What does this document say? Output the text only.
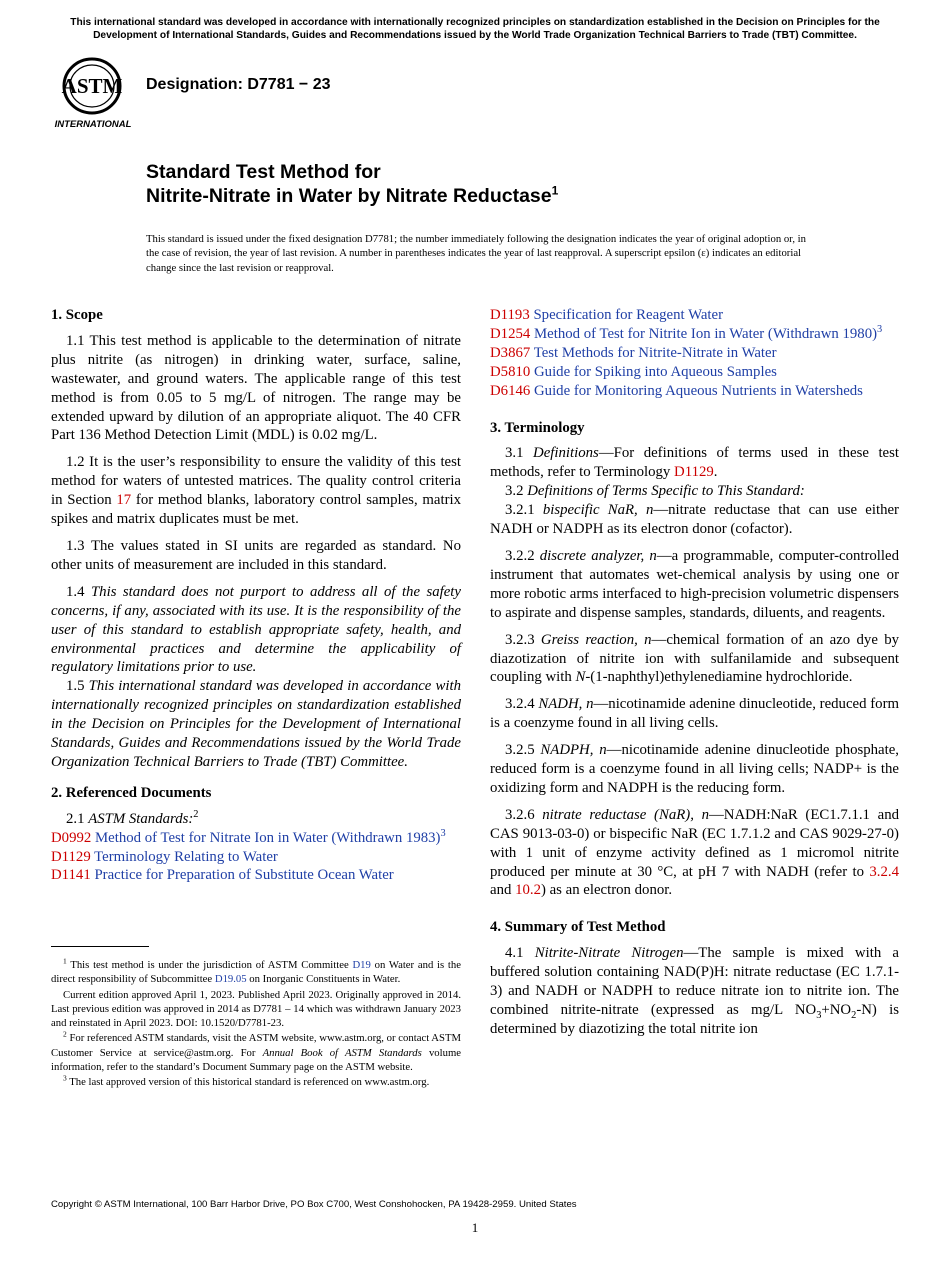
This international standard was developed in accordance with internationally recognized principles on standardization established in the Decision on Principles for the Development of International Standards, Guides and Recommendations issued by the World Trade Organization Technical Barriers to Trade (TBT) Committee.
ASTM
INTERNATIONAL
Designation: D7781 − 23
Standard Test Method for
Nitrite-Nitrate in Water by Nitrate Reductase$^1$
This standard is issued under the fixed designation D7781; the number immediately following the designation indicates the year of original adoption or, in the case of revision, the year of last revision. A number in parentheses indicates the year of last reapproval. A superscript epsilon (ε) indicates an editorial change since the last revision or reapproval.
1. Scope

1.1 This test method is applicable to the determination of nitrate plus nitrite (as nitrogen) in drinking water, surface, saline, wastewater, and ground waters. The applicable range of this test method is from 0.05 to 5 mg/L of nitrogen. The range may be extended upward by dilution of an appropriate aliquot. The 40 CFR Part 136 Method Detection Limit (MDL) is 0.02 mg/L.

1.2 It is the user’s responsibility to ensure the validity of this test method for waters of untested matrices. The quality control criteria in Section 17 for method blanks, laboratory control samples, matrix spikes and matrix duplicates must be met.

1.3 The values stated in SI units are regarded as standard. No other units of measurement are included in this standard.

1.4 This standard does not purport to address all of the safety concerns, if any, associated with its use. It is the responsibility of the user of this standard to establish appropriate safety, health, and environmental practices and determine the applicability of regulatory limitations prior to use.

1.5 This international standard was developed in accordance with internationally recognized principles on standardization established in the Decision on Principles for the Development of International Standards, Guides and Recommendations issued by the World Trade Organization Technical Barriers to Trade (TBT) Committee.

2. Referenced Documents

2.1 ASTM Standards:$^2$

D0992 Method of Test for Nitrate Ion in Water (Withdrawn 1983)$^3$

D1129 Terminology Relating to Water

D1141 Practice for Preparation of Substitute Ocean Water

$^1$ This test method is under the jurisdiction of ASTM Committee D19 on Water and is the direct responsibility of Subcommittee D19.05 on Inorganic Constituents in Water.

Current edition approved April 1, 2023. Published April 2023. Originally approved in 2014. Last previous edition was approved in 2014 as D7781 – 14 which was withdrawn January 2023 and reinstated in April 2023. DOI: 10.1520/D7781-23.

$^2$ For referenced ASTM standards, visit the ASTM website, www.astm.org, or contact ASTM Customer Service at service@astm.org. For Annual Book of ASTM Standards volume information, refer to the standard’s Document Summary page on the ASTM website.

$^3$ The last approved version of this historical standard is referenced on www.astm.org.

D1193 Specification for Reagent Water

D1254 Method of Test for Nitrite Ion in Water (Withdrawn 1980)$^3$

D3867 Test Methods for Nitrite-Nitrate in Water

D5810 Guide for Spiking into Aqueous Samples

D6146 Guide for Monitoring Aqueous Nutrients in Watersheds

3. Terminology

3.1 Definitions—For definitions of terms used in these test methods, refer to Terminology D1129.

3.2 Definitions of Terms Specific to This Standard:

3.2.1 bispecific NaR, n—nitrate reductase that can use either NADH or NADPH as its electron donor (cofactor).

3.2.2 discrete analyzer, n—a programmable, computer-controlled instrument that automates wet-chemical analysis by using one or more robotic arms interfaced to high-precision volumetric dispensers to aspirate and dispense samples, standards, diluents, and reagents.

3.2.3 Greiss reaction, n—chemical formation of an azo dye by diazotization of nitrite ion with sulfanilamide and subsequent coupling with N-(1-naphthyl)ethylenediamine hydrochloride.

3.2.4 NADH, n—nicotinamide adenine dinucleotide, reduced form is a coenzyme found in all living cells.

3.2.5 NADPH, n—nicotinamide adenine dinucleotide phosphate, reduced form is a coenzyme found in all living cells; NADP+ is the oxidizing form and NADPH is the reducing form.

3.2.6 nitrate reductase (NaR), n—NADH:NaR (EC1.7.1.1 and CAS 9013-03-0) or bispecific NaR (EC 1.7.1.2 and CAS 9029-27-0) with 1 unit of enzyme activity defined as 1 micromol nitrite produced per minute at 30 °C, at pH 7 with NADH (refer to 3.2.4 and 10.2) as an electron donor.

4. Summary of Test Method

4.1 Nitrite-Nitrate Nitrogen—The sample is mixed with a buffered solution containing NAD(P)H: nitrate reductase (EC 1.7.1-3) and NADH or NADPH to reduce nitrate ion to nitrite ion. The combined nitrite-nitrate (expressed as mg/L $NO_3+NO_2-N$) is determined by diazotizing the total nitrite ion

Copyright © ASTM International, 100 Barr Harbor Drive, PO Box C700, West Conshohocken, PA 19428-2959. United States
1
